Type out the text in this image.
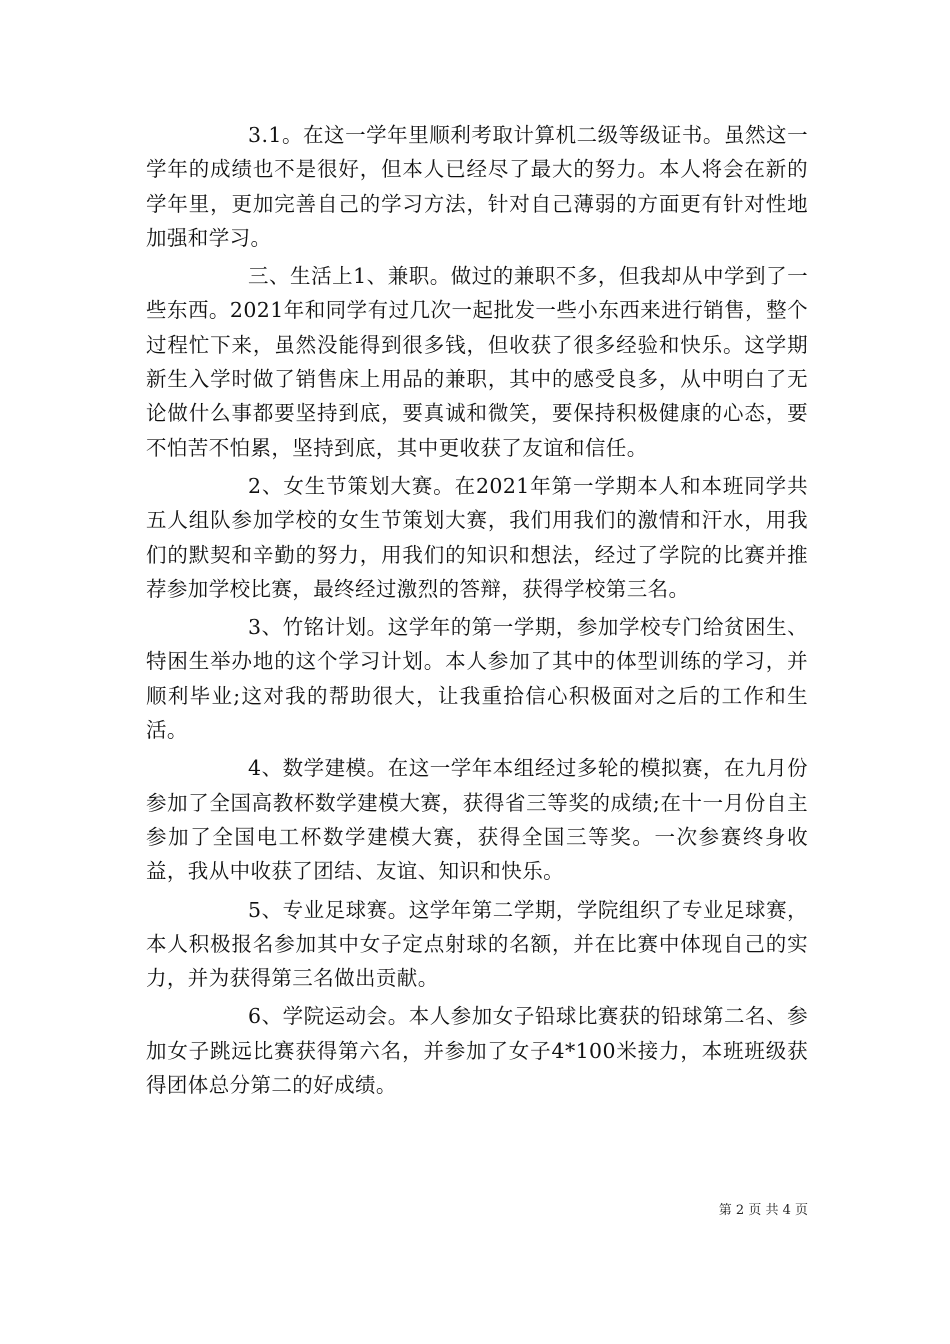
3.1。在这一学年里顺利考取计算机二级等级证书。虽然这一学年的成绩也不是很好，但本人已经尽了最大的努力。本人将会在新的学年里，更加完善自己的学习方法，针对自己薄弱的方面更有针对性地加强和学习。

三、生活上1、兼职。做过的兼职不多，但我却从中学到了一些东西。2021年和同学有过几次一起批发一些小东西来进行销售，整个过程忙下来，虽然没能得到很多钱，但收获了很多经验和快乐。这学期新生入学时做了销售床上用品的兼职，其中的感受良多，从中明白了无论做什么事都要坚持到底，要真诚和微笑，要保持积极健康的心态，要不怕苦不怕累，坚持到底，其中更收获了友谊和信任。

2、女生节策划大赛。在2021年第一学期本人和本班同学共五人组队参加学校的女生节策划大赛，我们用我们的激情和汗水，用我们的默契和辛勤的努力，用我们的知识和想法，经过了学院的比赛并推荐参加学校比赛，最终经过激烈的答辩，获得学校第三名。

3、竹铭计划。这学年的第一学期，参加学校专门给贫困生、特困生举办地的这个学习计划。本人参加了其中的体型训练的学习，并顺利毕业;这对我的帮助很大，让我重拾信心积极面对之后的工作和生活。

4、数学建模。在这一学年本组经过多轮的模拟赛，在九月份参加了全国高教杯数学建模大赛，获得省三等奖的成绩;在十一月份自主参加了全国电工杯数学建模大赛，获得全国三等奖。一次参赛终身收益，我从中收获了团结、友谊、知识和快乐。

5、专业足球赛。这学年第二学期，学院组织了专业足球赛，本人积极报名参加其中女子定点射球的名额，并在比赛中体现自己的实力，并为获得第三名做出贡献。

6、学院运动会。本人参加女子铅球比赛获的铅球第二名、参加女子跳远比赛获得第六名，并参加了女子4*100米接力，本班班级获得团体总分第二的好成绩。

第 2 页 共 4 页
